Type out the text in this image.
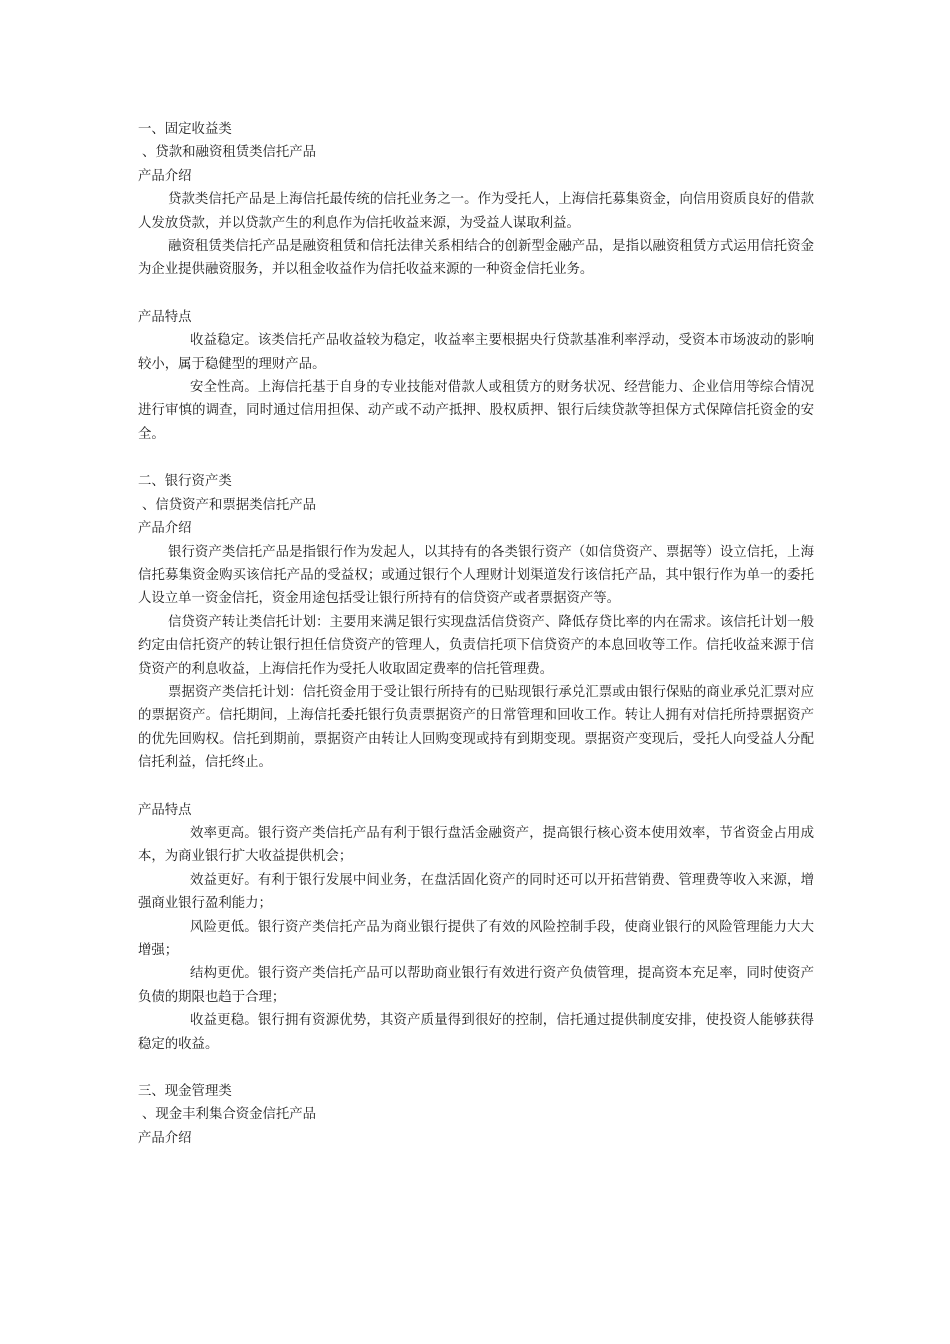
一、固定收益类

、贷款和融资租赁类信托产品

产品介绍

贷款类信托产品是上海信托最传统的信托业务之一。作为受托人，上海信托募集资金，向信用资质良好的借款人发放贷款，并以贷款产生的利息作为信托收益来源，为受益人谋取利益。

融资租赁类信托产品是融资租赁和信托法律关系相结合的创新型金融产品，是指以融资租赁方式运用信托资金为企业提供融资服务，并以租金收益作为信托收益来源的一种资金信托业务。

产品特点

收益稳定。该类信托产品收益较为稳定，收益率主要根据央行贷款基准利率浮动，受资本市场波动的影响较小，属于稳健型的理财产品。

安全性高。上海信托基于自身的专业技能对借款人或租赁方的财务状况、经营能力、企业信用等综合情况进行审慎的调查，同时通过信用担保、动产或不动产抵押、股权质押、银行后续贷款等担保方式保障信托资金的安全。

二、银行资产类

、信贷资产和票据类信托产品

产品介绍

银行资产类信托产品是指银行作为发起人，以其持有的各类银行资产（如信贷资产、票据等）设立信托，上海信托募集资金购买该信托产品的受益权；或通过银行个人理财计划渠道发行该信托产品，其中银行作为单一的委托人设立单一资金信托，资金用途包括受让银行所持有的信贷资产或者票据资产等。

信贷资产转让类信托计划：主要用来满足银行实现盘活信贷资产、降低存贷比率的内在需求。该信托计划一般约定由信托资产的转让银行担任信贷资产的管理人，负责信托项下信贷资产的本息回收等工作。信托收益来源于信贷资产的利息收益，上海信托作为受托人收取固定费率的信托管理费。

票据资产类信托计划：信托资金用于受让银行所持有的已贴现银行承兑汇票或由银行保贴的商业承兑汇票对应的票据资产。信托期间，上海信托委托银行负责票据资产的日常管理和回收工作。转让人拥有对信托所持票据资产的优先回购权。信托到期前，票据资产由转让人回购变现或持有到期变现。票据资产变现后，受托人向受益人分配信托利益，信托终止。

产品特点

效率更高。银行资产类信托产品有利于银行盘活金融资产，提高银行核心资本使用效率，节省资金占用成本，为商业银行扩大收益提供机会；

效益更好。有利于银行发展中间业务，在盘活固化资产的同时还可以开拓营销费、管理费等收入来源，增强商业银行盈利能力；

风险更低。银行资产类信托产品为商业银行提供了有效的风险控制手段，使商业银行的风险管理能力大大增强；

结构更优。银行资产类信托产品可以帮助商业银行有效进行资产负债管理，提高资本充足率，同时使资产负债的期限也趋于合理；

收益更稳。银行拥有资源优势，其资产质量得到很好的控制，信托通过提供制度安排，使投资人能够获得稳定的收益。

三、现金管理类

、现金丰利集合资金信托产品

产品介绍
